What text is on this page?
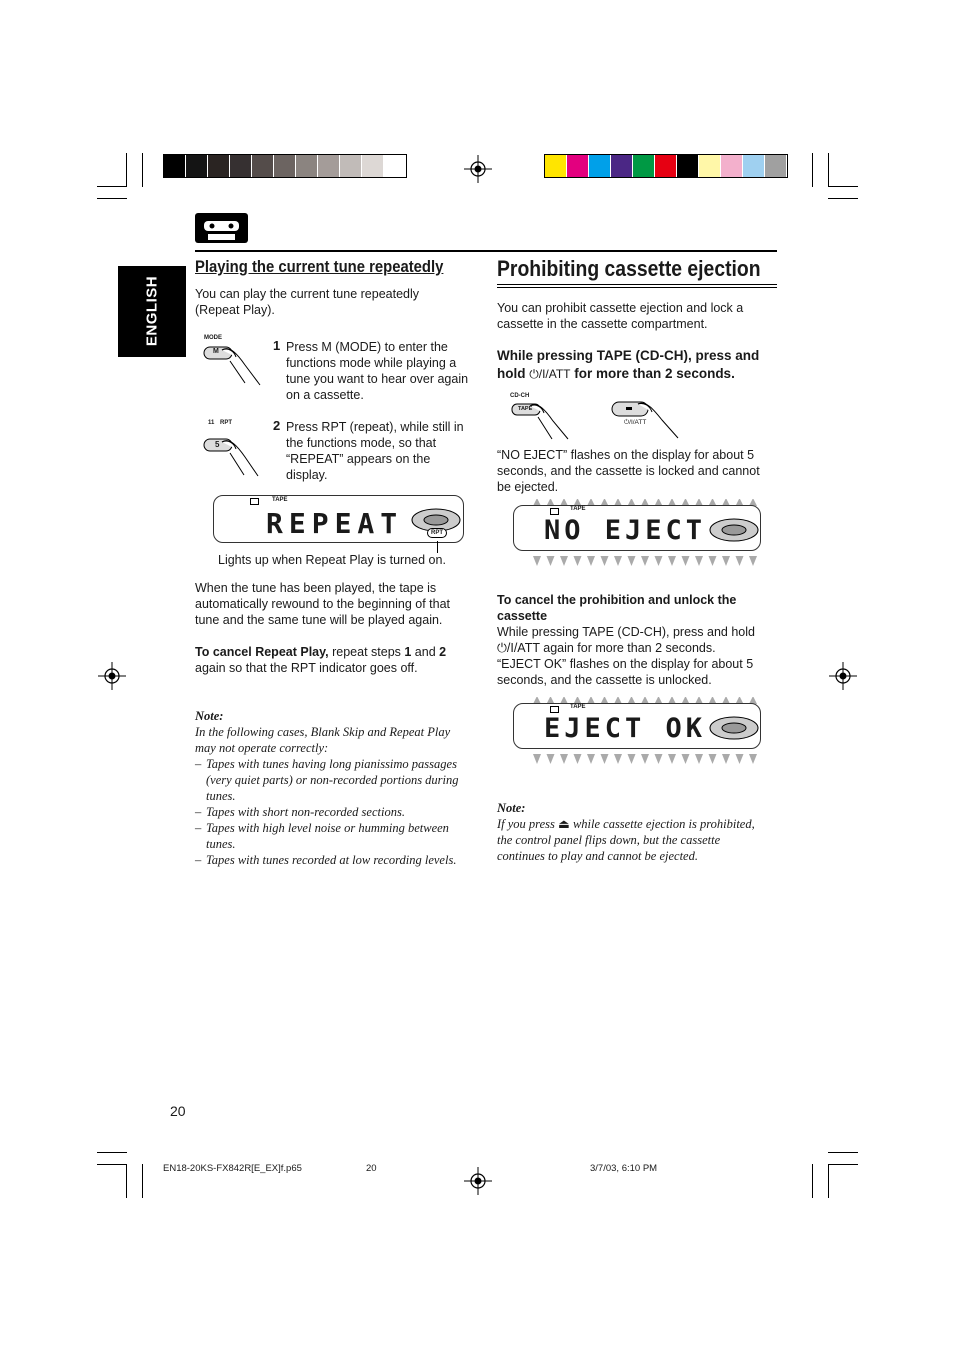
ENGLISH
Playing the current tune repeatedly
You can play the current tune repeatedly (Repeat Play).
MODE
M	1 Press M (MODE) to enter the functions mode while playing a tune you want to hear over again on a cassette.
11 RPT
5
2 Press RPT (repeat), while still in the functions mode, so that “REPEAT” appears on the display.
TAPE
REPEAT	RPT
Lights up when Repeat Play is turned on.
When the tune has been played, the tape is automatically rewound to the beginning of that tune and the same tune will be played again.
To cancel Repeat Play, repeat steps 1 and 2 again so that the RPT indicator goes off.
Note:
In the following cases, Blank Skip and Repeat Play may not operate correctly:
– Tapes with tunes having long pianissimo passages (very quiet parts) or non-recorded portions during tunes.
– Tapes with short non-recorded sections.
– Tapes with high level noise or humming between tunes.
– Tapes with tunes recorded at low recording levels.
Prohibiting cassette ejection
You can prohibit cassette ejection and lock a cassette in the cassette compartment.
While pressing TAPE (CD-CH), press and hold ⏻/I/ATT for more than 2 seconds.
CD-CH
TAPE
⏻/I/ATT
“NO EJECT” flashes on the display for about 5 seconds, and the cassette is locked and cannot be ejected.
TAPE
NO EJECT
To cancel the prohibition and unlock the cassette
While pressing TAPE (CD-CH), press and hold
⏻/I/ATT again for more than 2 seconds.
“EJECT OK” flashes on the display for about 5 seconds, and the cassette is unlocked.
TAPE
EJECT OK
Note:
If you press ⏏ while cassette ejection is prohibited, the control panel flips down, but the cassette continues to play and cannot be ejected.
20
EN18-20KS-FX842R[E_EX]f.p65	20	3/7/03, 6:10 PM
